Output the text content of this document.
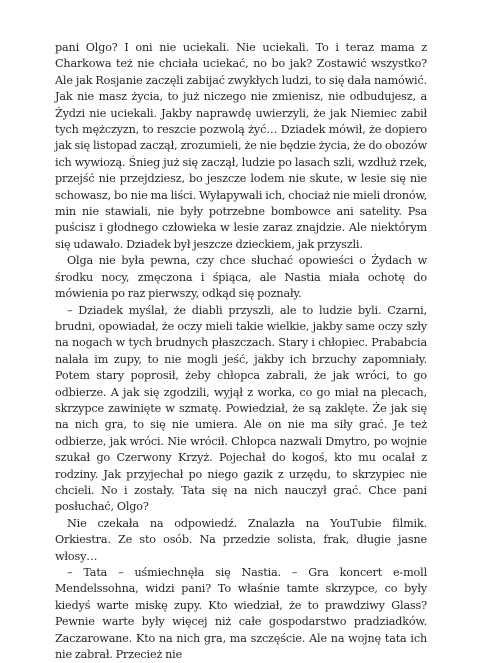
pani Olgo? I oni nie uciekali. Nie uciekali. To i teraz mama z Charkowa też nie chciała uciekać, no bo jak? Zostawić wszystko? Ale jak Rosjanie zaczęli zabijać zwykłych ludzi, to się dała namówić. Jak nie masz życia, to już niczego nie zmienisz, nie odbudujesz, a Żydzi nie uciekali. Jakby naprawdę uwierzyli, że jak Niemiec zabił tych mężczyzn, to reszcie pozwolą żyć… Dziadek mówił, że dopiero jak się listopad zaczął, zrozumieli, że nie będzie życia, że do obozów ich wywiozą. Śnieg już się zaczął, ludzie po lasach szli, wzdłuż rzek, przejść nie przejdziesz, bo jeszcze lodem nie skute, w lesie się nie schowasz, bo nie ma liści. Wyłapywali ich, chociaż nie mieli dronów, min nie stawiali, nie były potrzebne bombowce ani satelity. Psa puścisz i głodnego człowieka w lesie zaraz znajdzie. Ale niektórym się udawało. Dziadek był jeszcze dzieckiem, jak przyszli.

Olga nie była pewna, czy chce słuchać opowieści o Żydach w środku nocy, zmęczona i śpiąca, ale Nastia miała ochotę do mówienia po raz pierwszy, odkąd się poznały.

– Dziadek myślał, że diabli przyszli, ale to ludzie byli. Czarni, brudni, opowiadał, że oczy mieli takie wielkie, jakby same oczy szły na nogach w tych brudnych płaszczach. Stary i chłopiec. Prababcia nalała im zupy, to nie mogli jeść, jakby ich brzuchy zapomniały. Potem stary poprosił, żeby chłopca zabrali, że jak wróci, to go odbierze. A jak się zgodzili, wyjął z worka, co go miał na plecach, skrzypce zawinięte w szmatę. Powiedział, że są zaklęte. Że jak się na nich gra, to się nie umiera. Ale on nie ma siły grać. Je też odbierze, jak wróci. Nie wrócił. Chłopca nazwali Dmytro, po wojnie szukał go Czerwony Krzyż. Pojechał do kogoś, kto mu ocalał z rodziny. Jak przyjechał po niego gazik z urzędu, to skrzypiec nie chcieli. No i zostały. Tata się na nich nauczył grać. Chce pani posłuchać, Olgo?

Nie czekała na odpowiedź. Znalazła na YouTubie filmik. Orkiestra. Ze sto osób. Na przedzie solista, frak, długie jasne włosy…

– Tata – uśmiechnęła się Nastia. – Gra koncert e-moll Mendelssohna, widzi pani? To właśnie tamte skrzypce, co były kiedyś warte miskę zupy. Kto wiedział, że to prawdziwy Glass? Pewnie warte były więcej niż całe gospodarstwo pradziadków. Zaczarowane. Kto na nich gra, ma szczęście. Ale na wojnę tata ich nie zabrał. Przecież nie
